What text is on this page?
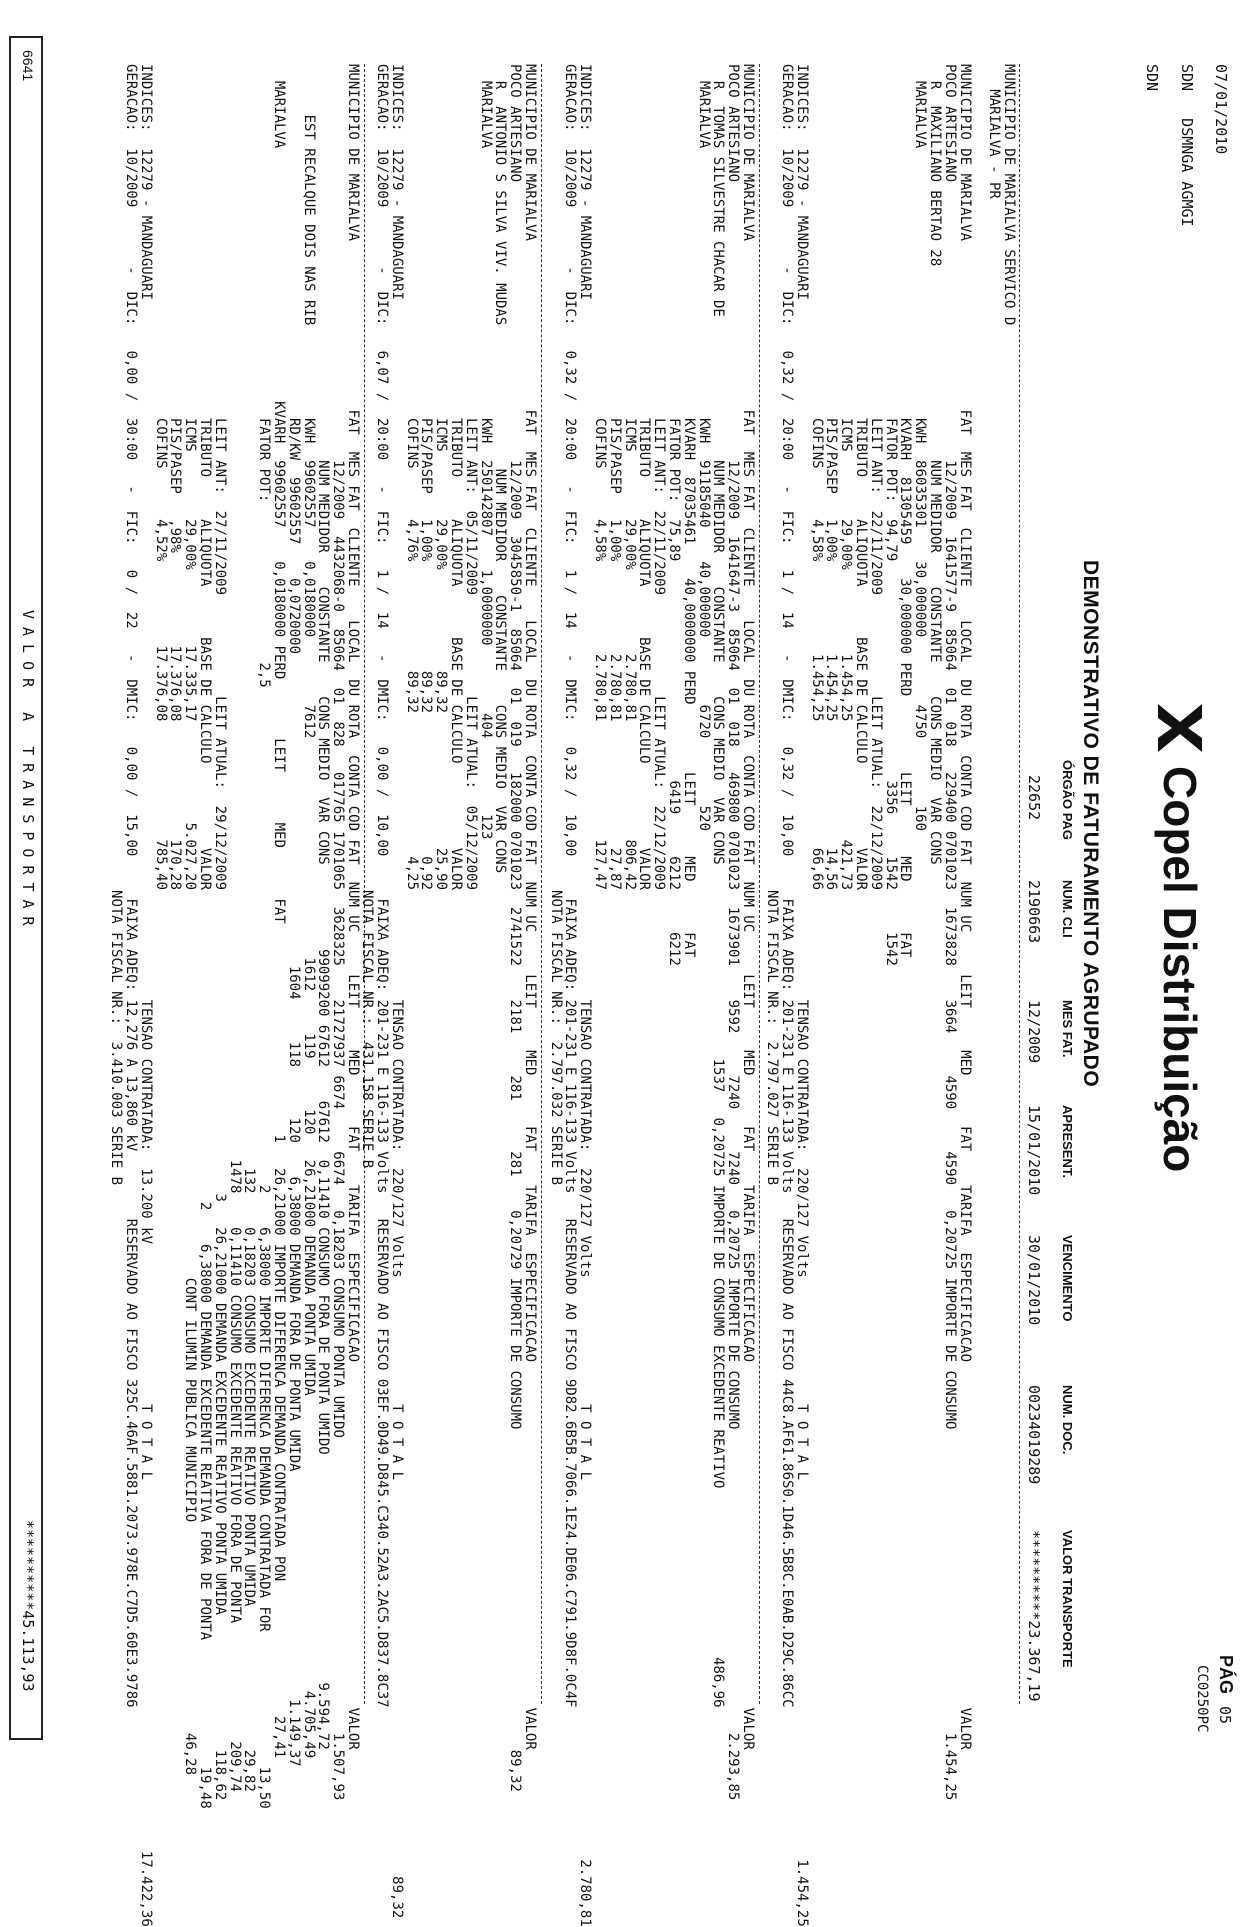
07/01/2010
PÁG
05
CC0250PC
SDN   DSMNGA AGMGI
SDN
Copel Distribuição
DEMONSTRATIVO DE FATURAMENTO AGRUPADO
ÓRGÃO PAG
NUM. CLI
MES FAT.
APRESENT.
VENCIMENTO
NUM. DOC.
VALOR TRANSPORTE
22652
2190663
12/2009
15/01/2010
30/01/2010
00234019289
**********23.367,19
MUNICIPIO DE MARIALVA SERVICO D
MARIALVA - PR
MUNICIPIO DE MARIALVA                    FAT  MES FAT  CLIENTE    LOCAL  DU ROTA  CONTA COD FAT  NUM UC     LEIT     MED      FAT    TARIFA  ESPECIFICACAO                                         VALOR
POCO ARTESIANO                                 12/2009  1641577-9  85064  01  018   229400 0701023  1673828    3664     4590     4590   0,20725 IMPORTE DE CONSUMO                                    1.454,25
R  MAXILIANO BERTAO 28                       NUM MEDIDOR    CONSTANTE    CONS MEDIO  VAR CONS
MARIALVA                                KWH  86035301    30,000000        4750        160
KVARH  81305459    30,000000 PERD         LEIT      MED      FAT
FATOR POT:  94,79                          3356     1542     1542
LEIT ANT:  22/11/2009            LEIT ATUAL:  22/12/2009
TRIBUTO     ALIQUOTA      BASE DE CALCULO          VALOR
ICMS        29,00%          1.454,25              421,73
PIS/PASEP   1,00%           1.454,25               14,56
COFINS      4,58%           1.454,25               66,66
INDICES:  12279 - MANDAGUARI                                                                                   TENSAO CONTRATADA:  220/127 Volts               T O T A L                                             1.454,25
GERACAO:  10/2009       -  DIC:   0,32 /  20:00   -  FIC:   1 /  14   -  DMIC:   0,32 /  10,00     FAIXA ADEQ: 201-231 E 116-133 Volts   RESERVADO AO FISCO 44C8.AF61.86S0.1D46.5B8C.E0AB.D29C.86CC
NOTA FISCAL NR.:  2.797.027 SERIE B
MUNICIPIO DE MARIALVA                    FAT  MES FAT  CLIENTE    LOCAL  DU ROTA  CONTA COD FAT  NUM UC     LEIT     MED      FAT    TARIFA  ESPECIFICACAO                                         VALOR
POCO ARTESIANO                                 12/2009  1641647-3  85064  01  018   469800 0701023  1673901    9592     7240     7240   0,20725 IMPORTE DE CONSUMO                                    2.293,85
R  TOMAS SILVESTRE CHACAR DE                 NUM MEDIDOR    CONSTANTE    CONS MEDIO  VAR CONS                       1537   0,20725 IMPORTE DE CONSUMO EXCEDENTE REATIVO                    486,96
MARIALVA                                KWH  91185040    40,000000        6720        520
KVARH  87035461    40,0000000 PERD        LEIT      MED      FAT
FATOR POT:  75,89                          6419     6212     6212
LEIT ANT:  22/11/2009            LEIT ATUAL:  22/12/2009
TRIBUTO     ALIQUOTA      BASE DE CALCULO          VALOR
ICMS        29,00%          2.780,81              806,42
PIS/PASEP   1,00%           2.780,81               27,87
COFINS      4,58%           2.780,81              127,47
INDICES:  12279 - MANDAGUARI                                                                                   TENSAO CONTRATADA:  220/127 Volts               T O T A L                                             2.780,81
GERACAO:  10/2009       -  DIC:   0,32 /  20:00   -  FIC:   1 /  14   -  DMIC:   0,32 /  10,00     FAIXA ADEQ: 201-231 E 116-133 Volts   RESERVADO AO FISCO 9D82.6B5B.7066.1E24.DE06.C791.9D8F.0C4F
NOTA FISCAL NR.:  2.797.032 SERIE B
MUNICIPIO DE MARIALVA                    FAT  MES FAT  CLIENTE    LOCAL  DU ROTA  CONTA COD FAT  NUM UC     LEIT     MED      FAT    TARIFA  ESPECIFICACAO                                         VALOR
POCO ARTESIANO                                 12/2009  3045850-1  85064  01  019   182000 0701023  2741522    2181     281      281    0,20729 IMPORTE DE CONSUMO                                      89,32
R  ANTONIO S SILVA VIV. MUDAS                 NUM MEDIDOR    CONSTANTE    CONS MEDIO  VAR CONS
MARIALVA                                KWH  250142807    1,0000000        404         123
LEIT ANT:  05/11/2009            LEIT ATUAL:  05/12/2009
TRIBUTO     ALIQUOTA      BASE DE CALCULO          VALOR
ICMS        29,00%            89,32                25,90
PIS/PASEP   1,00%             89,32                 0,92
COFINS      4,76%             89,32                 4,25
INDICES:  12279 - MANDAGUARI                                                                                   TENSAO CONTRATADA:  220/127 Volts               T O T A L                                               89,32
GERACAO:  10/2009       -  DIC:   6,07 /  20:00   -  FIC:   1 /  14   -  DMIC:   0,00 /  10,00     FAIXA ADEQ: 201-231 E 116-133 Volts   RESERVADO AO FISCO 03EF.0D49.D845.C340.52A3.2AC5.D837.8C37
NOTA FISCAL NR.:  431.158 SERIE B
MUNICIPIO DE MARIALVA                    FAT  MES FAT  CLIENTE    LOCAL  DU ROTA  CONTA COD FAT  NUM UC     LEIT     MED      FAT    TARIFA  ESPECIFICACAO                                         VALOR
12/2009  4432068-0  85064  01  828   017765 1701065  3628325    21727937 6674     6674   0,18203 CONSUMO PONTA UMIDO                                   1.507,93
NUM MEDIDOR    CONSTANTE    CONS MEDIO  VAR CONS          99099200 67612    67612  0,11410 CONSUMO FORA DE PONTA UMIDO                           9.594,72
EST RECALQUE DOIS NAS RIB           KWH  99602557    0,0180000        7612                          1612     119      120   26,21000 DEMANDA PONTA UMIDA                                   4.705,49
RD/KW  99602557    0,0720000                                     1604     118      120    6,38000 DEMANDA FORA DE PONTA UMIDA                           1.149,37
MARIALVA                              KVARH  99602557    0,0180000 PERD       LEIT      MED      FAT                         1   26,21000 IMPORTE DIFERENCA DEMANDA CONTRATADA PON                27,41
FATOR POT:                   2,5                                                           2    6,38000 IMPORTE DIFERENCA DEMANDA CONTRATADA FOR                13,50
132    0,18203 CONSUMO EXCEDENTE REATIVO PONTA UMIDA                 29,82
1478    0,11410 CONSUMO EXCEDENTE REATIVO FORA DE PONTA              209,74
LEIT ANT:  27/11/2009            LEIT ATUAL:  29/12/2009                                    3   26,21000 DEMANDA EXCEDENTE REATIVO PONTA UMIDA                118,62
TRIBUTO     ALIQUOTA      BASE DE CALCULO          VALOR                                     2    6,38000 DEMANDA EXCEDENTE REATIVA FORA DE PONTA               19,48
ICMS        29,00%         17.335,17            5.027,20                                              CONT ILUMIN PUBLICA MUNICIPIO                         46,28
PIS/PASEP   ,98%           17.376,08              170,28
COFINS      4,52%          17.376,08              785,40
INDICES:  12279 - MANDAGUARI                                                                                   TENSAO CONTRATADA:  13.200 kV                   T O T A L                                            17.422,36
GERACAO:  10/2009       -  DIC:   0,00 /  30:00   -  FIC:   0 /  22   -  DMIC:   0,00 /  15,00     FAIXA ADEQ: 12,276 A 13,860 kV        RESERVADO AO FISCO 325C.46AF.5881.2073.978E.C7D5.60E3.9786
NOTA FISCAL NR.:  3.410.003 SERIE B
6641
VALOR A TRANSPORTAR
**********45.113,93
